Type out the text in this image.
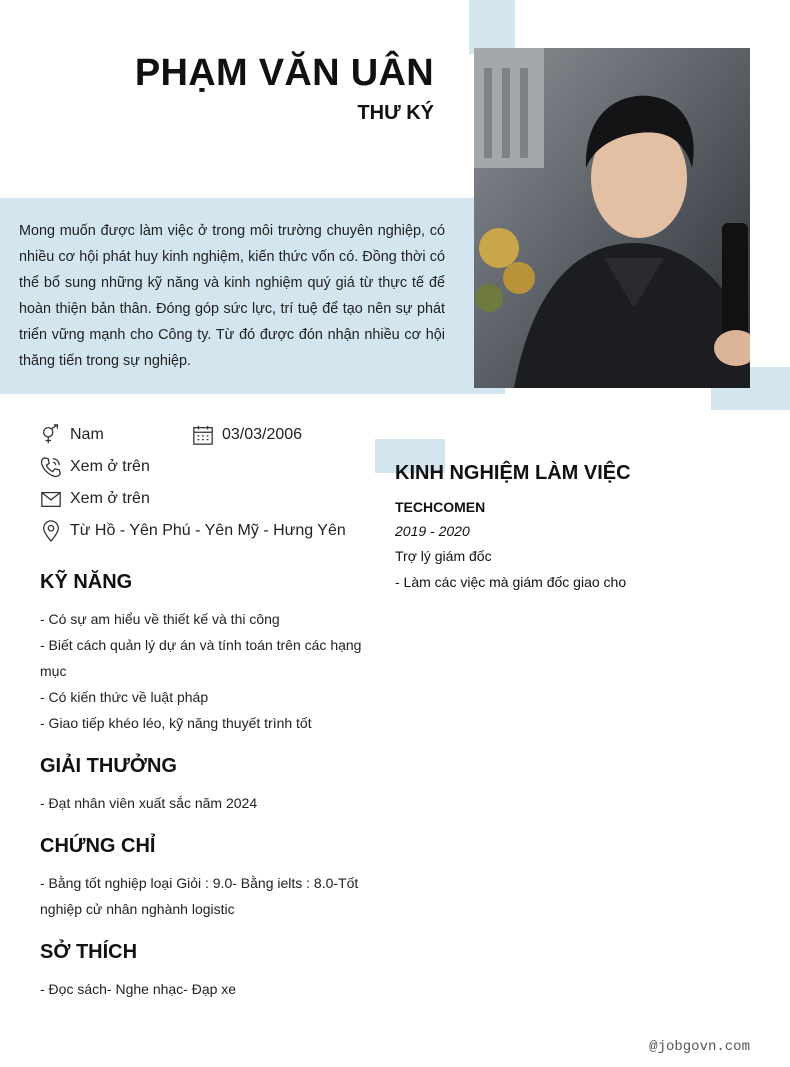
PHẠM VĂN UÂN
THƯ KÝ

Mong muốn được làm việc ở trong môi trường chuyên nghiệp, có nhiều cơ hội phát huy kinh nghiệm, kiến thức vốn có. Đồng thời có thể bổ sung những kỹ năng và kinh nghiệm quý giá từ thực tế để hoàn thiện bản thân. Đóng góp sức lực, trí tuệ để tạo nên sự phát triển vững mạnh cho Công ty. Từ đó được đón nhận nhiều cơ hội thăng tiến trong sự nghiệp.

Nam	03/03/2006
Xem ở trên
Xem ở trên
Từ Hồ - Yên Phú - Yên Mỹ - Hưng Yên
KỸ NĂNG
- Có sự am hiểu về thiết kế và thi công
- Biết cách quản lý dự án và tính toán trên các hạng mục
- Có kiến thức về luật pháp
- Giao tiếp khéo léo, kỹ năng thuyết trình tốt
GIẢI THƯỞNG
- Đạt nhân viên xuất sắc năm 2024
CHỨNG CHỈ
- Bằng tốt nghiệp loại Giỏi : 9.0- Bằng ielts : 8.0-Tốt nghiệp cử nhân nghành logistic
SỞ THÍCH
- Đọc sách- Nghe nhạc- Đạp xe
KINH NGHIỆM LÀM VIỆC
TECHCOMEN
2019 - 2020
Trợ lý giám đốc
- Làm các việc mà giám đốc giao cho
@jobgovn.com
